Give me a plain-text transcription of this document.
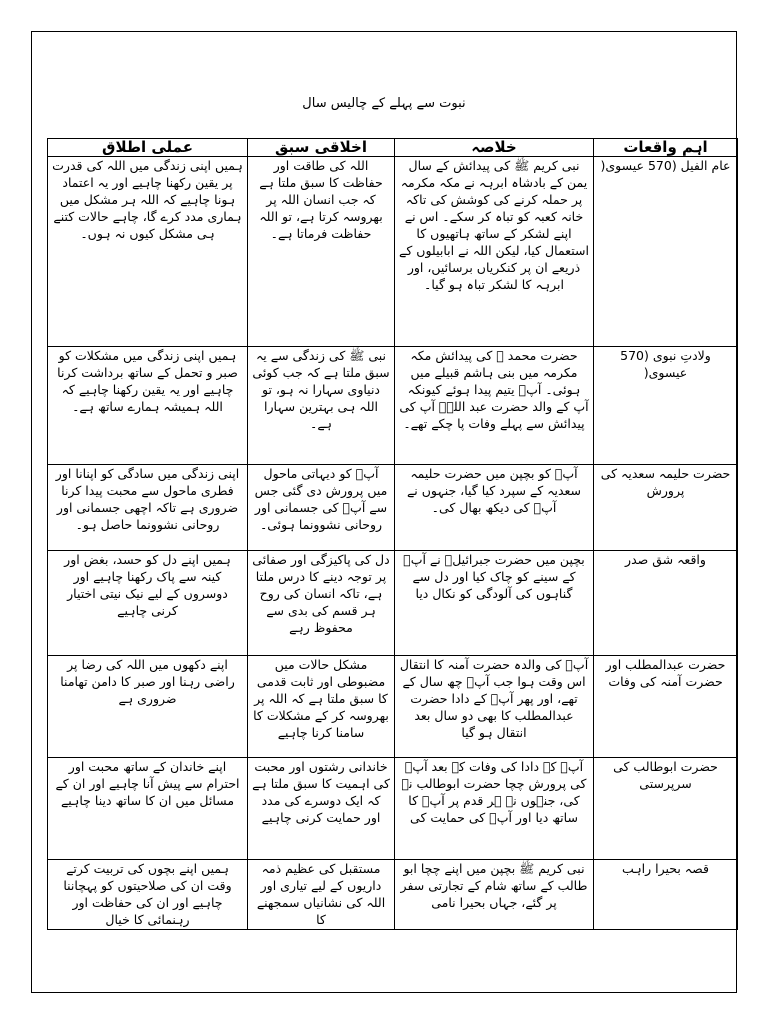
نبوت سے پہلے کے چالیس سال
اہم واقعات	خلاصہ	اخلاقی سبق	عملی اطلاق
عام الفیل (570 عیسوی(	نبی کریم ﷺ کی پیدائش کے سال یمن کے بادشاہ ابرہہ نے مکہ مکرمہ پر حملہ کرنے کی کوشش کی تاکہ خانہ کعبہ کو تباہ کر سکے۔ اس نے اپنے لشکر کے ساتھ ہاتھیوں کا استعمال کیا، لیکن اللہ نے ابابیلوں کے ذریعے ان پر کنکریاں برسائیں، اور ابرہہ کا لشکر تباہ ہو گیا۔	اللہ کی طاقت اور حفاظت کا سبق ملتا ہے کہ جب انسان اللہ پر بھروسہ کرتا ہے، تو اللہ حفاظت فرماتا ہے۔	ہمیں اپنی زندگی میں اللہ کی قدرت پر یقین رکھنا چاہیے اور یہ اعتماد ہونا چاہیے کہ اللہ ہر مشکل میں ہماری مدد کرے گا، چاہے حالات کتنے ہی مشکل کیوں نہ ہوں۔
ولادتِ نبوی (570 عیسوی(	حضرت محمد ﷺ کی پیدائش مکہ مکرمہ میں بنی ہاشم قبیلے میں ہوئی۔ آپؐ یتیم پیدا ہوئے کیونکہ آپ کے والد حضرت عبد اللہؓ آپ کی پیدائش سے پہلے وفات پا چکے تھے۔	نبی ﷺ کی زندگی سے یہ سبق ملتا ہے کہ جب کوئی دنیاوی سہارا نہ ہو، تو اللہ ہی بہترین سہارا ہے۔	ہمیں اپنی زندگی میں مشکلات کو صبر و تحمل کے ساتھ برداشت کرنا چاہیے اور یہ یقین رکھنا چاہیے کہ اللہ ہمیشہ ہمارے ساتھ ہے۔
حضرت حلیمہ سعدیہ کی پرورش	آپؐ کو بچپن میں حضرت حلیمہ سعدیہ کے سپرد کیا گیا، جنہوں نے آپؐ کی دیکھ بھال کی۔	آپؐ کو دیہاتی ماحول میں پرورش دی گئی جس سے آپؐ کی جسمانی اور روحانی نشوونما ہوئی۔	اپنی زندگی میں سادگی کو اپنانا اور فطری ماحول سے محبت پیدا کرنا ضروری ہے تاکہ اچھی جسمانی اور روحانی نشوونما حاصل ہو۔
واقعہ شق صدر	بچپن میں حضرت جبرائیلؑ نے آپؐ کے سینے کو چاک کیا اور دل سے گناہوں کی آلودگی کو نکال دیا	دل کی پاکیزگی اور صفائی پر توجہ دینے کا درس ملتا ہے، تاکہ انسان کی روح ہر قسم کی بدی سے محفوظ رہے	ہمیں اپنے دل کو حسد، بغض اور کینہ سے پاک رکھنا چاہیے اور دوسروں کے لیے نیک نیتی اختیار کرنی چاہیے
حضرت عبدالمطلب اور حضرت آمنہ کی وفات	آپؐ کی والدہ حضرت آمنہ کا انتقال اس وقت ہوا جب آپؐ چھ سال کے تھے، اور پھر آپؐ کے دادا حضرت عبدالمطلب کا بھی دو سال بعد انتقال ہو گیا	مشکل حالات میں مضبوطی اور ثابت قدمی کا سبق ملتا ہے کہ اللہ پر بھروسہ کر کے مشکلات کا سامنا کرنا چاہیے	اپنے دکھوں میں اللہ کی رضا پر راضی رہنا اور صبر کا دامن تھامنا ضروری ہے
حضرت ابوطالب کی سرپرستی	آپؐ کے دادا کی وفات کے بعد آپؐ کی پرورش چچا حضرت ابوطالب نے کی، جنہوں نے ہر قدم پر آپؐ کا ساتھ دیا اور آپؐ کی حمایت کی	خاندانی رشتوں اور محبت کی اہمیت کا سبق ملتا ہے کہ ایک دوسرے کی مدد اور حمایت کرنی چاہیے	اپنے خاندان کے ساتھ محبت اور احترام سے پیش آنا چاہیے اور ان کے مسائل میں ان کا ساتھ دینا چاہیے
قصہ بحیرا راہب	نبی کریم ﷺ بچپن میں اپنے چچا ابو طالب کے ساتھ شام کے تجارتی سفر پر گئے، جہاں بحیرا نامی	مستقبل کی عظیم ذمہ داریوں کے لیے تیاری اور اللہ کی نشانیاں سمجھنے کا	ہمیں اپنے بچوں کی تربیت کرتے وقت ان کی صلاحیتوں کو پہچاننا چاہیے اور ان کی حفاظت اور رہنمائی کا خیال
